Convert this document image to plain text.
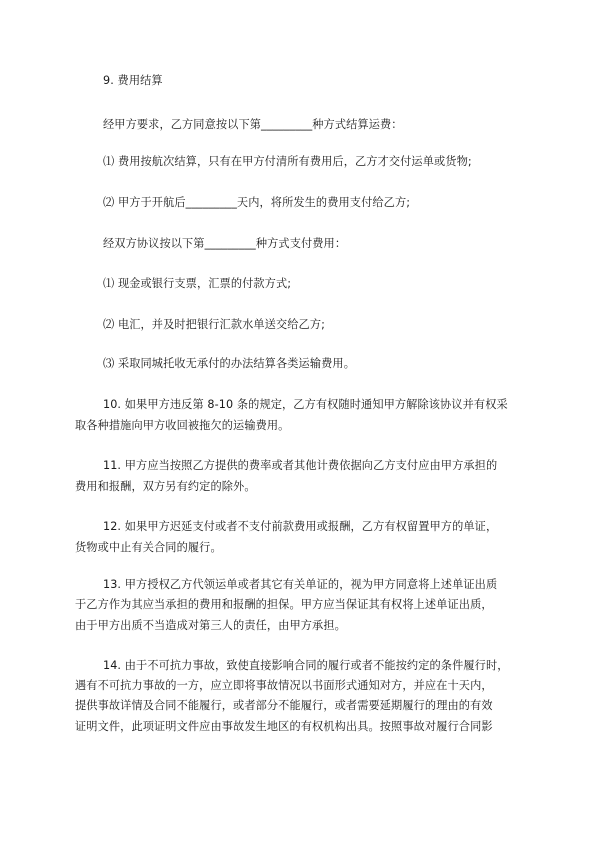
9. 费用结算
经甲方要求，乙方同意按以下第_________种方式结算运费：
⑴ 费用按航次结算，只有在甲方付清所有费用后，乙方才交付运单或货物;
⑵ 甲方于开航后_________天内，将所发生的费用支付给乙方;
经双方协议按以下第_________种方式支付费用：
⑴ 现金或银行支票，汇票的付款方式;
⑵ 电汇，并及时把银行汇款水单送交给乙方;
⑶ 采取同城托收无承付的办法结算各类运输费用。
10. 如果甲方违反第 8-10 条的规定，乙方有权随时通知甲方解除该协议并有权采
取各种措施向甲方收回被拖欠的运输费用。
11. 甲方应当按照乙方提供的费率或者其他计费依据向乙方支付应由甲方承担的
费用和报酬，双方另有约定的除外。
12. 如果甲方迟延支付或者不支付前款费用或报酬，乙方有权留置甲方的单证，
货物或中止有关合同的履行。
13. 甲方授权乙方代领运单或者其它有关单证的，视为甲方同意将上述单证出质
于乙方作为其应当承担的费用和报酬的担保。甲方应当保证其有权将上述单证出质，
由于甲方出质不当造成对第三人的责任，由甲方承担。
14. 由于不可抗力事故，致使直接影响合同的履行或者不能按约定的条件履行时，
遇有不可抗力事故的一方，应立即将事故情况以书面形式通知对方，并应在十天内，
提供事故详情及合同不能履行，或者部分不能履行，或者需要延期履行的理由的有效
证明文件，此项证明文件应由事故发生地区的有权机构出具。按照事故对履行合同影
